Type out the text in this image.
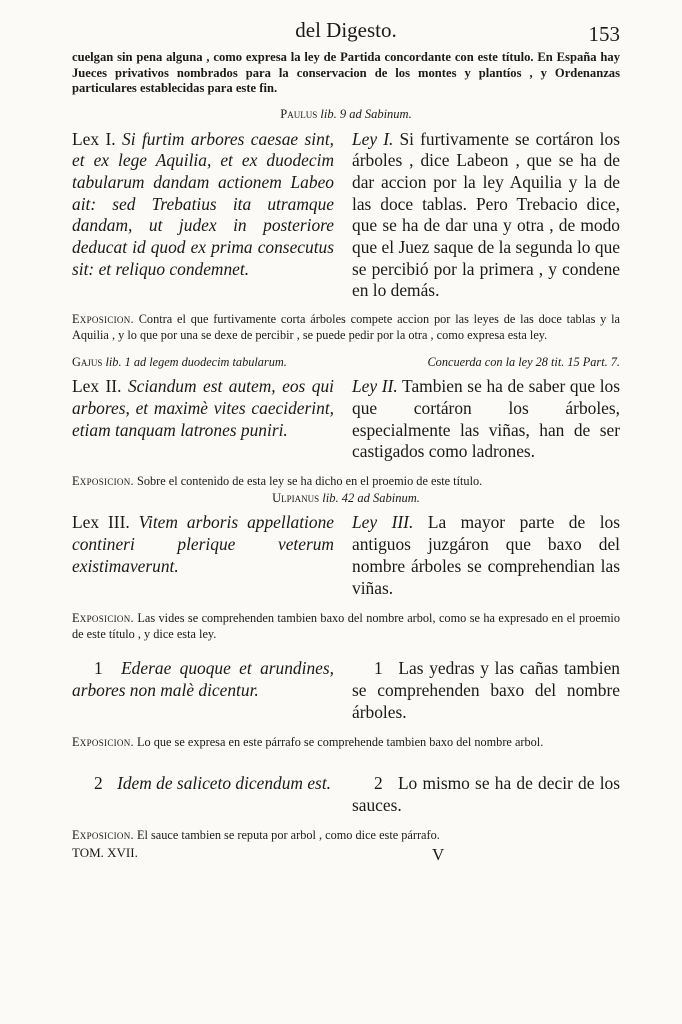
del Digesto.	153
cuelgan sin pena alguna , como expresa la ley de Partida concordante con este título. En España hay Jueces privativos nombrados para la conservacion de los montes y plantíos , y Ordenanzas particulares establecidas para este fin.
Paulus lib. 9 ad Sabinum.
Lex I. Si furtim arbores caesae sint, et ex lege Aquilia, et ex duodecim tabularum dandam actionem Labeo ait: sed Trebatius ita utramque dandam, ut judex in posteriore deducat id quod ex prima consecutus sit: et reliquo condemnet.
Ley I. Si furtivamente se cortáron los árboles , dice Labeon , que se ha de dar accion por la ley Aquilia y la de las doce tablas. Pero Trebacio dice, que se ha de dar una y otra , de modo que el Juez saque de la segunda lo que se percibió por la primera , y condene en lo demás.
Exposicion. Contra el que furtivamente corta árboles compete accion por las leyes de las doce tablas y la Aquilia , y lo que por una se dexe de percibir , se puede pedir por la otra , como expresa esta ley.
Gajus lib. 1 ad legem duodecim tabularum.	Concuerda con la ley 28 tit. 15 Part. 7.
Lex II. Sciandum est autem, eos qui arbores, et maximè vites caeciderint, etiam tanquam latrones puniri.
Ley II. Tambien se ha de saber que los que cortáron los árboles, especialmente las viñas, han de ser castigados como ladrones.
Exposicion. Sobre el contenido de esta ley se ha dicho en el proemio de este título.
Ulpianus lib. 42 ad Sabinum.
Lex III. Vitem arboris appellatione contineri plerique veterum existimaverunt.
Ley III. La mayor parte de los antiguos juzgáron que baxo del nombre árboles se comprehendian las viñas.
Exposicion. Las vides se comprehenden tambien baxo del nombre arbol, como se ha expresado en el proemio de este título , y dice esta ley.
1 Ederae quoque et arundines, arbores non malè dicentur.
1 Las yedras y las cañas tambien se comprehenden baxo del nombre árboles.
Exposicion. Lo que se expresa en este párrafo se comprehende tambien baxo del nombre arbol.
2 Idem de saliceto dicendum est.	2 Lo mismo se ha de decir de los sauces.
Exposicion. El sauce tambien se reputa por arbol , como dice este párrafo.
TOM. XVII.	V
